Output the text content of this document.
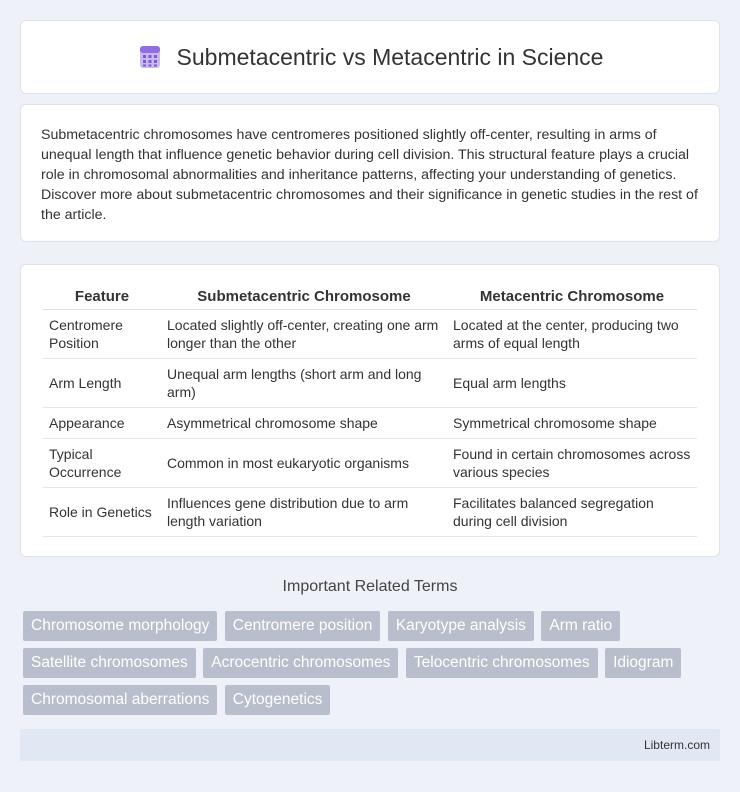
Submetacentric vs Metacentric in Science

Submetacentric chromosomes have centromeres positioned slightly off-center, resulting in arms of unequal length that influence genetic behavior during cell division. This structural feature plays a crucial role in chromosomal abnormalities and inheritance patterns, affecting your understanding of genetics. Discover more about submetacentric chromosomes and their significance in genetic studies in the rest of the article.

Feature	Submetacentric Chromosome	Metacentric Chromosome
Centromere Position	Located slightly off-center, creating one arm longer than the other	Located at the center, producing two arms of equal length
Arm Length	Unequal arm lengths (short arm and long arm)	Equal arm lengths
Appearance	Asymmetrical chromosome shape	Symmetrical chromosome shape
Typical Occurrence	Common in most eukaryotic organisms	Found in certain chromosomes across various species
Role in Genetics	Influences gene distribution due to arm length variation	Facilitates balanced segregation during cell division
Important Related Terms
Chromosome morphology Centromere position Karyotype analysis Arm ratio Satellite chromosomes Acrocentric chromosomes Telocentric chromosomes Idiogram Chromosomal aberrations Cytogenetics
Libterm.com
